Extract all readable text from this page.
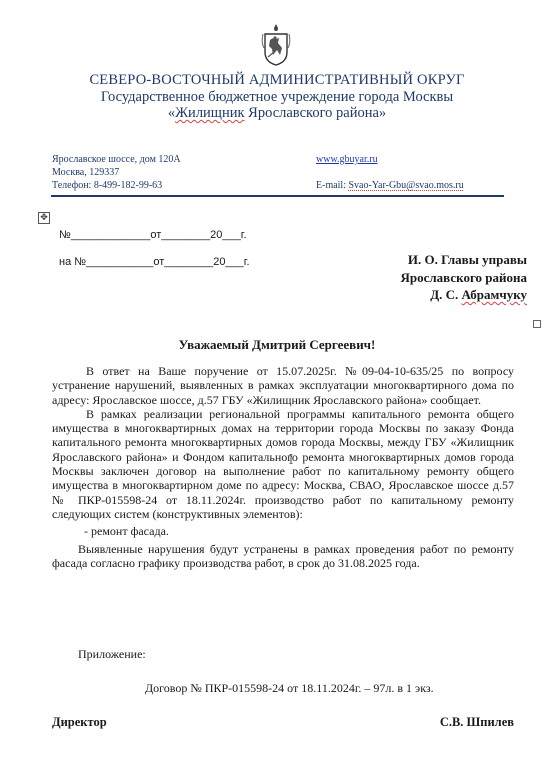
СЕВЕРО-ВОСТОЧНЫЙ АДМИНИСТРАТИВНЫЙ ОКРУГ
Государственное бюджетное учреждение города Москвы
«Жилищник Ярославского района»
Ярославское шоссе, дом 120А
Москва, 129337
Телефон: 8-499-182-99-63
www.gbuyar.ru

E-mail: Svao-Yar-Gbu@svao.mos.ru
✥
№_____________от________20___г.
на №___________от________20___г.	И. О. Главы управы
Ярославского района
Д. С. Абрамчуку
Уважаемый Дмитрий Сергеевич!

В ответ на Ваше поручение от 15.07.2025г. №09-04-10-635/25 по вопросу устранение нарушений, выявленных в рамках эксплуатации многоквартирного дома по адресу: Ярославское шоссе, д.57 ГБУ «Жилищник Ярославского района» сообщает.

В рамках реализации региональной программы капитального ремонта общего имущества в многоквартирных домах на территории города Москвы по заказу Фонда капитального ремонта многоквартирных домов города Москвы, между ГБУ «Жилищник Ярославского района» и Фондом капитального ремонта многоквартирных домов города Москвы заключен договор на выполнение работ по капитальному ремонту общего имущества в многоквартирном доме по адресу: Москва, СВАО, Ярославское шоссе д.57 № ПКР-015598-24 от 18.11.2024г. производство работ по капитальному ремонту следующих систем (конструктивных элементов):

- ремонт фасада.

Выявленные нарушения будут устранены в рамках проведения работ по ремонту фасада согласно графику производства работ, в срок до 31.08.2025 года.

Приложение:
Договор № ПКР-015598-24 от 18.11.2024г. – 97л. в 1 экз.
Директор	С.В. Шпилев
